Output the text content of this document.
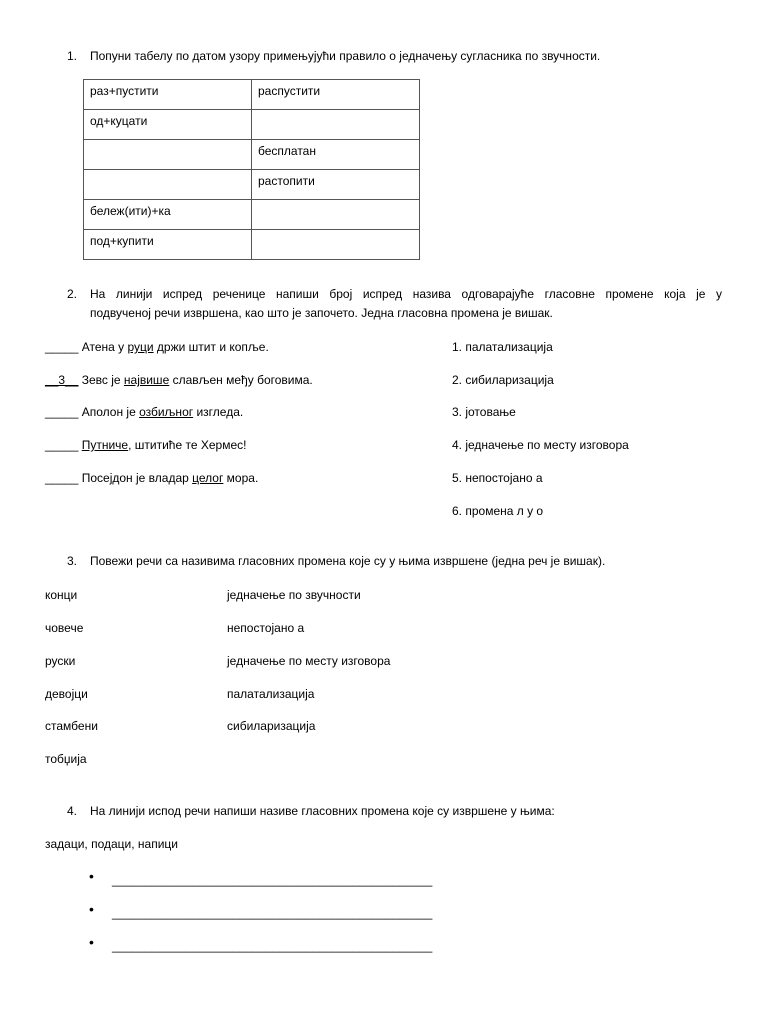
1. Попуни табелу по датом узору примењујући правило о једначењу сугласника по звучности.
раз+пустити	распустити
од+куцати	
	бесплатан
	растопити
бележ(ити)+ка	
под+купити	
2. На линији испред реченице напиши број испред назива одговарајуће гласовне промене која је у
подвученој речи извршена, као што је започето. Једна гласовна промена је вишак.
_____ Атена у руци држи штит и копље.
__3__ Зевс је највише слављен међу боговима.
_____ Аполон је озбиљног изгледа.
_____ Путниче, штитиће те Хермес!
_____ Посејдон је владар целог мора.
1. палатализација
2. сибиларизација
3. јотовање
4. једначење по месту изговора
5. непостојано а
6. промена л у о
3. Повежи речи са називима гласовних промена које су у њима извршене (једна реч је вишак).
конци
човече
руски
девојци
стамбени
тобџија
једначење по звучности
непостојано а
једначење по месту изговора
палатализација
сибиларизација
4. На линији испод речи напиши називе гласовних промена које су извршене у њима:
задаци, подаци, напици
• ________________________________________________
• ________________________________________________
• ________________________________________________
